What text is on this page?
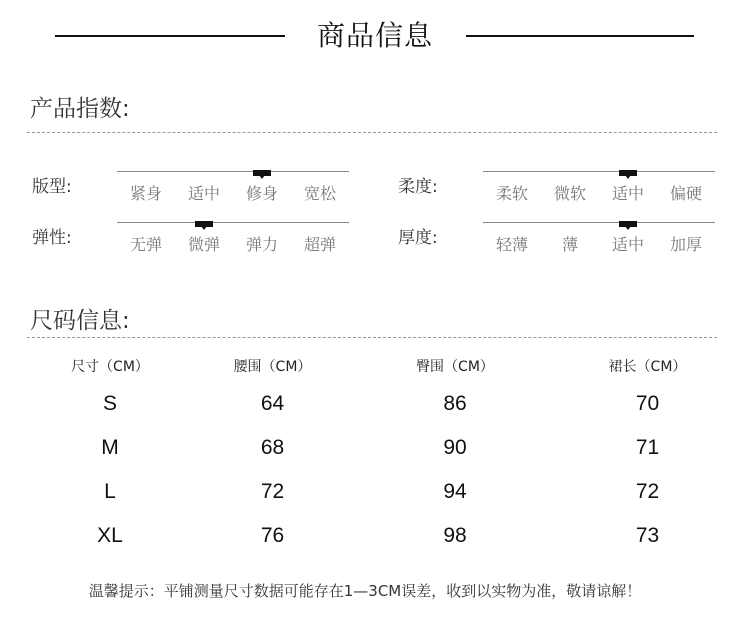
商品信息
产品指数:
版型:	紧身	适中	修身	宽松	柔度:	柔软	微软	适中	偏硬
弹性:	无弹	微弹	弹力	超弹	厚度:	轻薄	薄	适中	加厚
尺码信息:
尺寸（CM）	腰围（CM）	臀围（CM）	裙长（CM）
S	64	86	70
M	68	90	71
L	72	94	72
XL	76	98	73
温馨提示：平铺测量尺寸数据可能存在1—3CM误差，收到以实物为准，敬请谅解！
